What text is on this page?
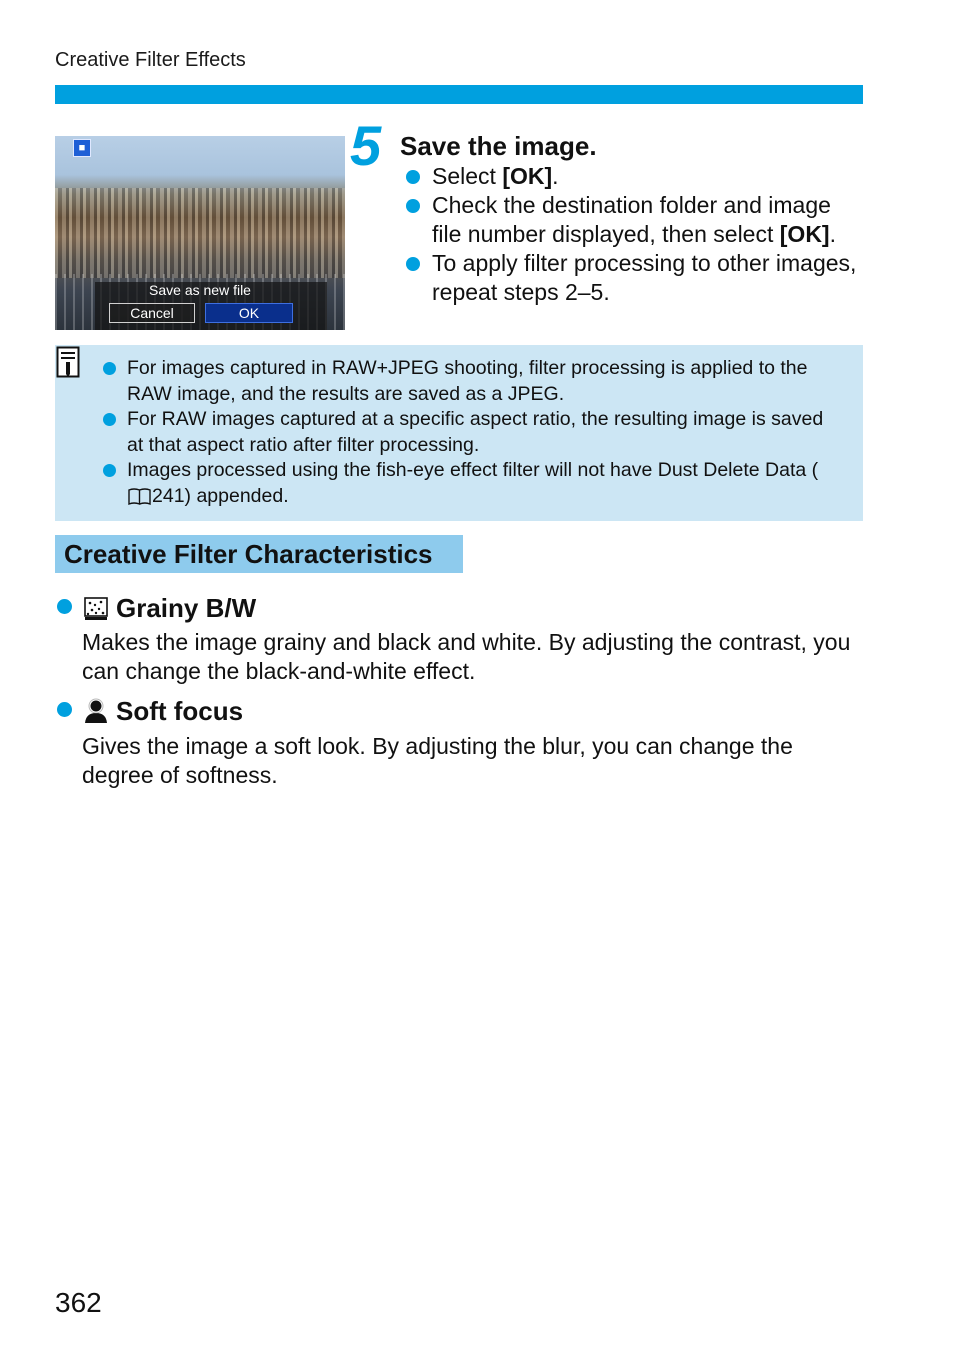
Creative Filter Effects
■
Save as new file
Cancel	OK
5 Save the image.
Select [OK].
Check the destination folder and image file number displayed, then select [OK].
To apply filter processing to other images, repeat steps 2–5.
For images captured in RAW+JPEG shooting, filter processing is applied to the RAW image, and the results are saved as a JPEG.
For RAW images captured at a specific aspect ratio, the resulting image is saved at that aspect ratio after filter processing.
Images processed using the fish-eye effect filter will not have Dust Delete Data (241) appended.
Creative Filter Characteristics
Grainy B/W
Makes the image grainy and black and white. By adjusting the contrast, you can change the black-and-white effect.
Soft focus
Gives the image a soft look. By adjusting the blur, you can change the degree of softness.
362
